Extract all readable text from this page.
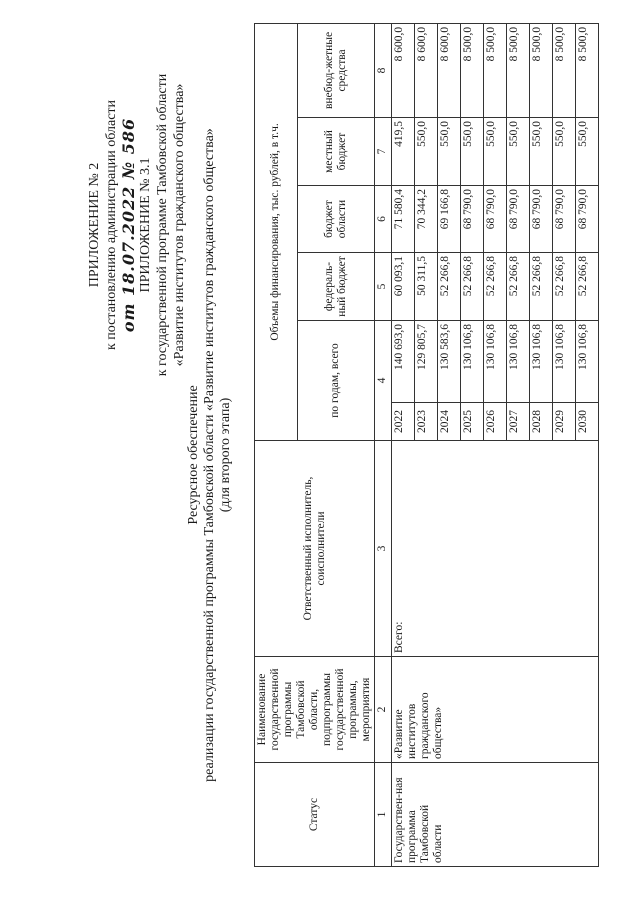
ПРИЛОЖЕНИЕ № 2 к постановлению администрации области от 18.07.2022 № 586 ПРИЛОЖЕНИЕ № 3.1 к государственной программе Тамбовской области «Развитие институтов гражданского общества»
Ресурсное обеспечение реализации государственной программы Тамбовской области «Развитие институтов гражданского общества» (для второго этапа)
Статус	Наименование государственной программы Тамбовской области, подпрограммы государственной программы, мероприятия	Ответственный исполнитель, соисполнители	Объемы финансирования, тыс. рублей, в т.ч.					
			по годам, всего		федераль-ный бюджет	бюджет области	местный бюджет	внебюд-жетные средства
1	2	3	4		5	6	7	8
Государствен-ная программа Тамбовской области	«Развитие институтов гражданского общества»	Всего:	2022	140 693,0	60 093,1	71 580,4	419,5	8 600,0
			2023	129 805,7	50 311,5	70 344,2	550,0	8 600,0
			2024	130 583,6	52 266,8	69 166,8	550,0	8 600,0
			2025	130 106,8	52 266,8	68 790,0	550,0	8 500,0
			2026	130 106,8	52 266,8	68 790,0	550,0	8 500,0
			2027	130 106,8	52 266,8	68 790,0	550,0	8 500,0
			2028	130 106,8	52 266,8	68 790,0	550,0	8 500,0
			2029	130 106,8	52 266,8	68 790,0	550,0	8 500,0
			2030	130 106,8	52 266,8	68 790,0	550,0	8 500,0
